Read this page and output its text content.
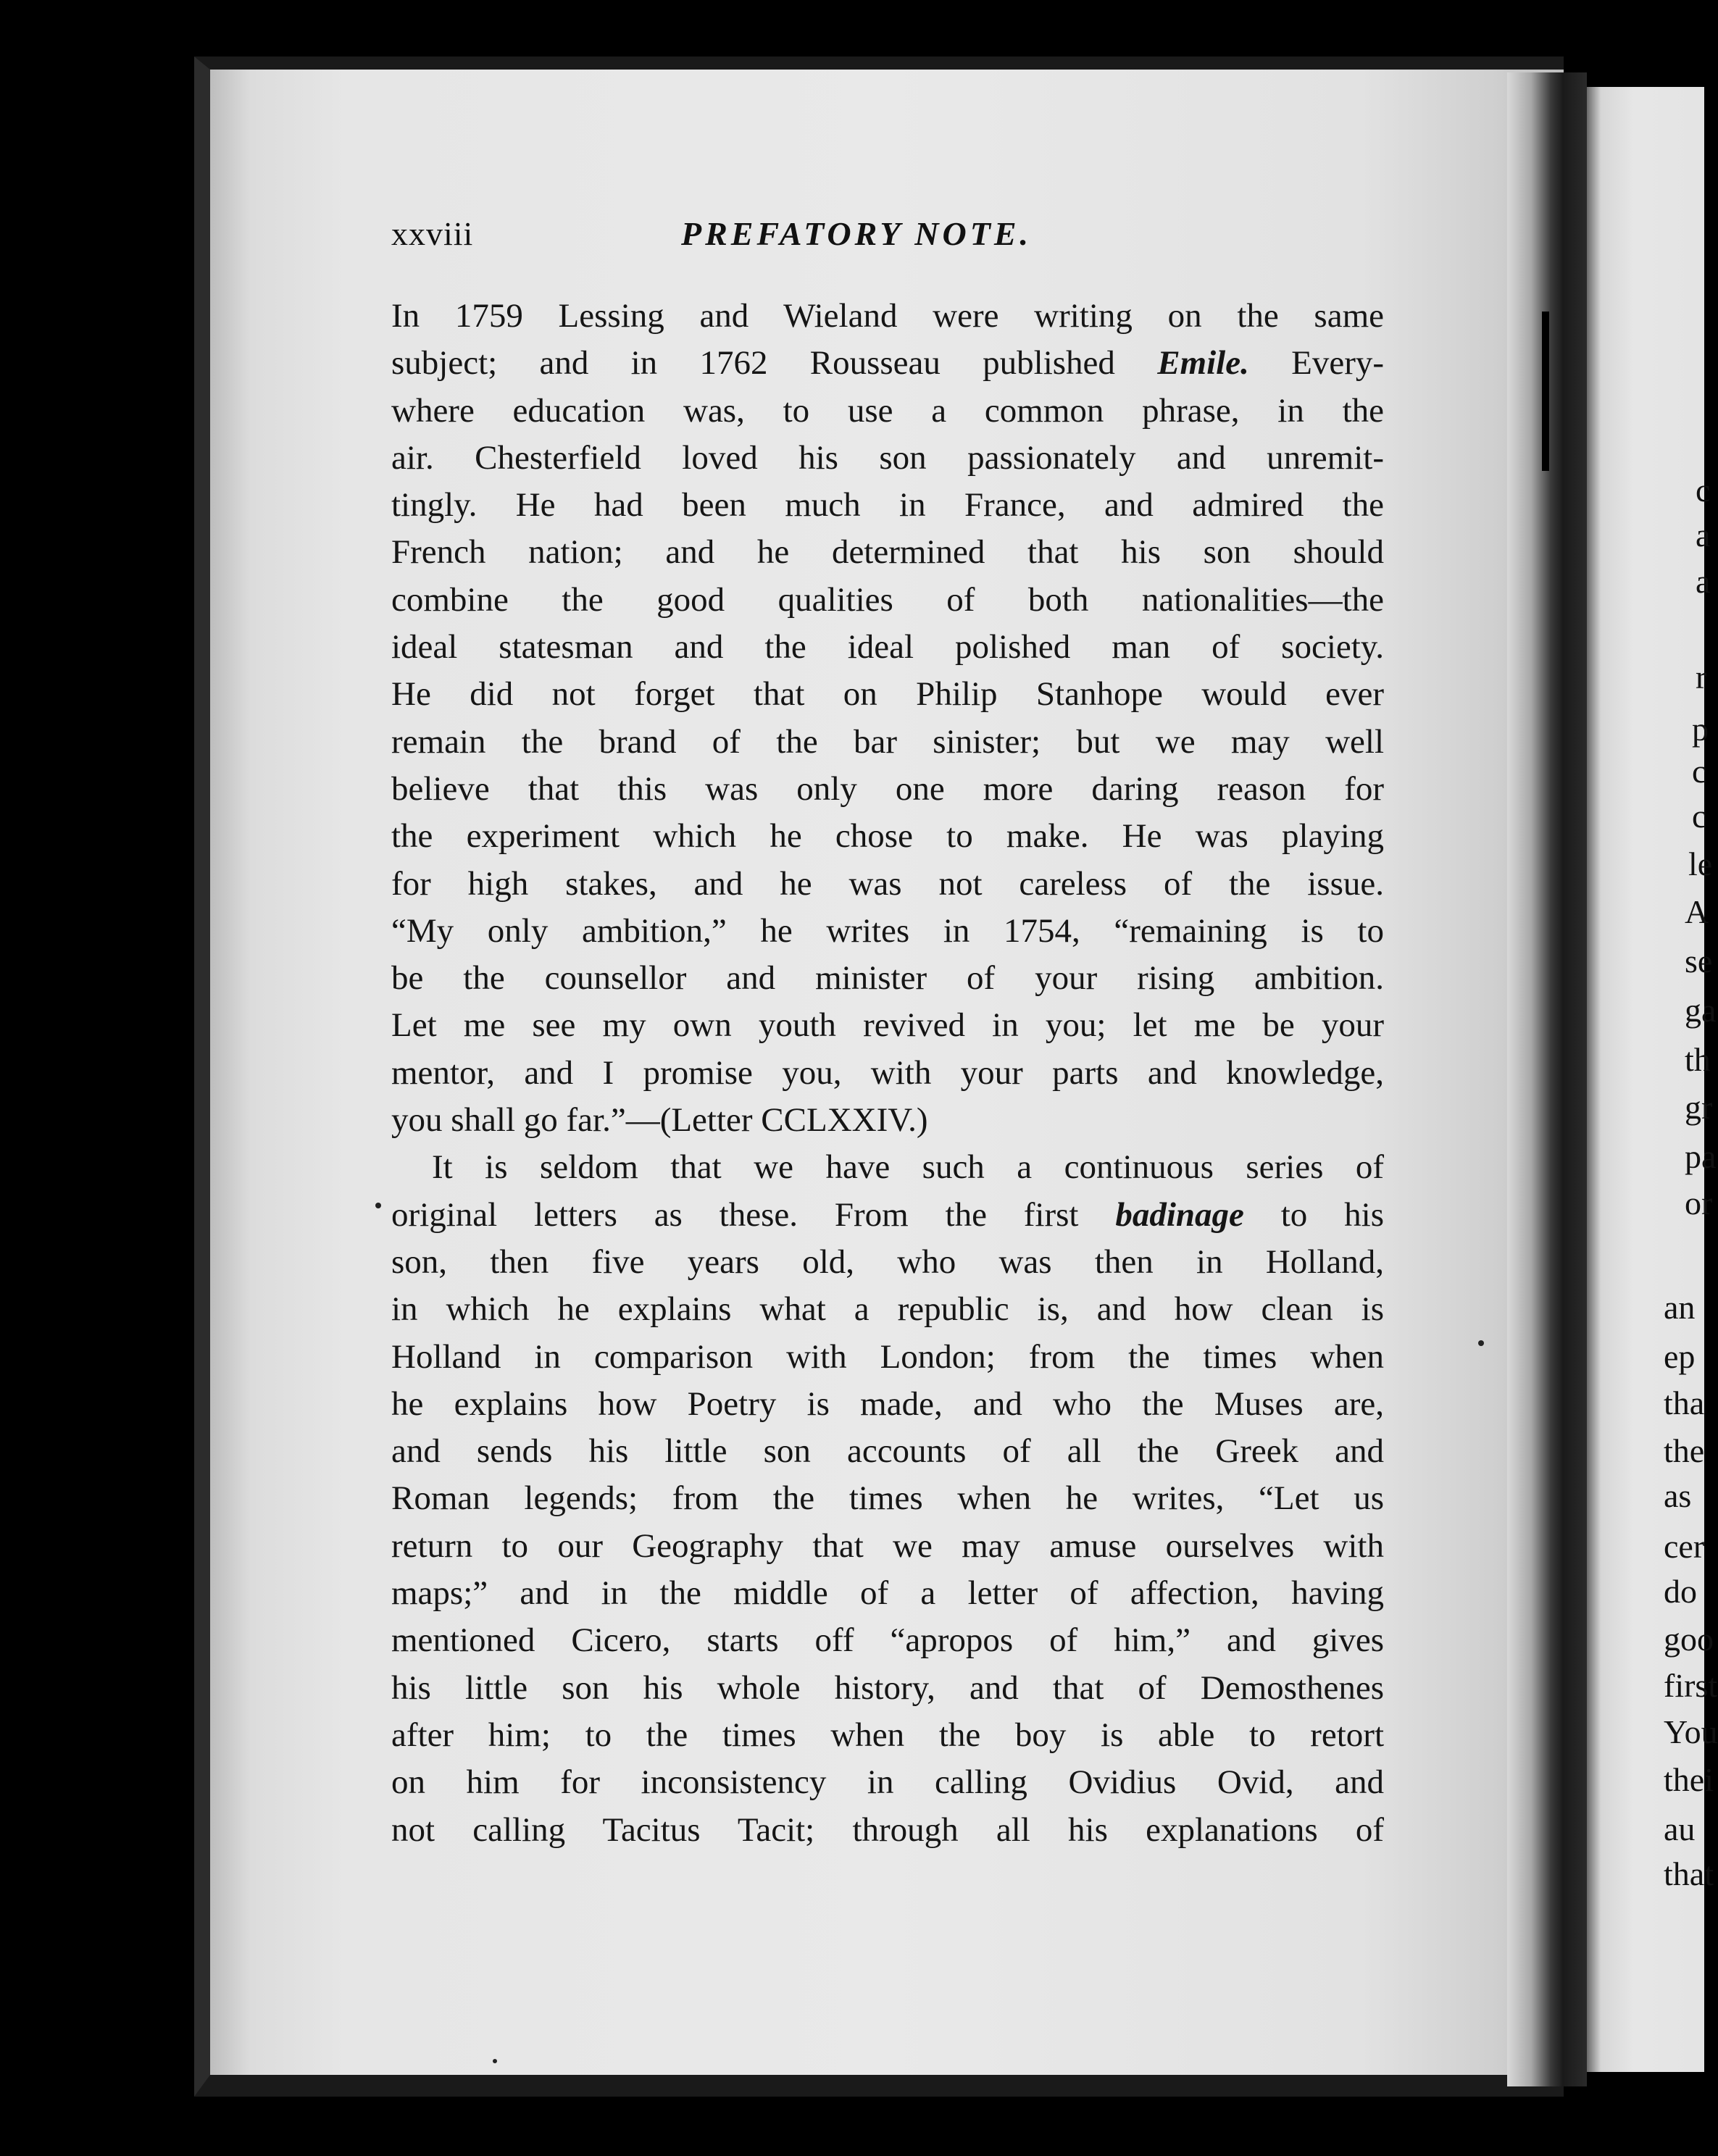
xxviii	PREFATORY NOTE.
In 1759 Lessing and Wieland were writing on the same
subject; and in 1762 Rousseau published Emile. Every-
where education was, to use a common phrase, in the
air. Chesterfield loved his son passionately and unremit-
tingly. He had been much in France, and admired the
French nation; and he determined that his son should
combine the good qualities of both nationalities—the
ideal statesman and the ideal polished man of society.
He did not forget that on Philip Stanhope would ever
remain the brand of the bar sinister; but we may well
believe that this was only one more daring reason for
the experiment which he chose to make. He was playing
for high stakes, and he was not careless of the issue.
“My only ambition,” he writes in 1754, “remaining is to
be the counsellor and minister of your rising ambition.
Let me see my own youth revived in you; let me be your
mentor, and I promise you, with your parts and knowledge,
you shall go far.”—(Letter CCLXXIV.)
It is seldom that we have such a continuous series of
original letters as these. From the first badinage to his
son, then five years old, who was then in Holland,
in which he explains what a republic is, and how clean is
Holland in comparison with London; from the times when
he explains how Poetry is made, and who the Muses are,
and sends his little son accounts of all the Greek and
Roman legends; from the times when he writes, “Let us
return to our Geography that we may amuse ourselves with
maps;” and in the middle of a letter of affection, having
mentioned Cicero, starts off “apropos of him,” and gives
his little son his whole history, and that of Demosthenes
after him; to the times when the boy is able to retort
on him for inconsistency in calling Ovidius Ovid, and
not calling Tacitus Tacit; through all his explanations of
c
a
a
r
p
c
c
le
A
se
ga
th
gr
pa
or
an
ep
tha
the
as
cer
do
goo
first
You
thei
au
that
